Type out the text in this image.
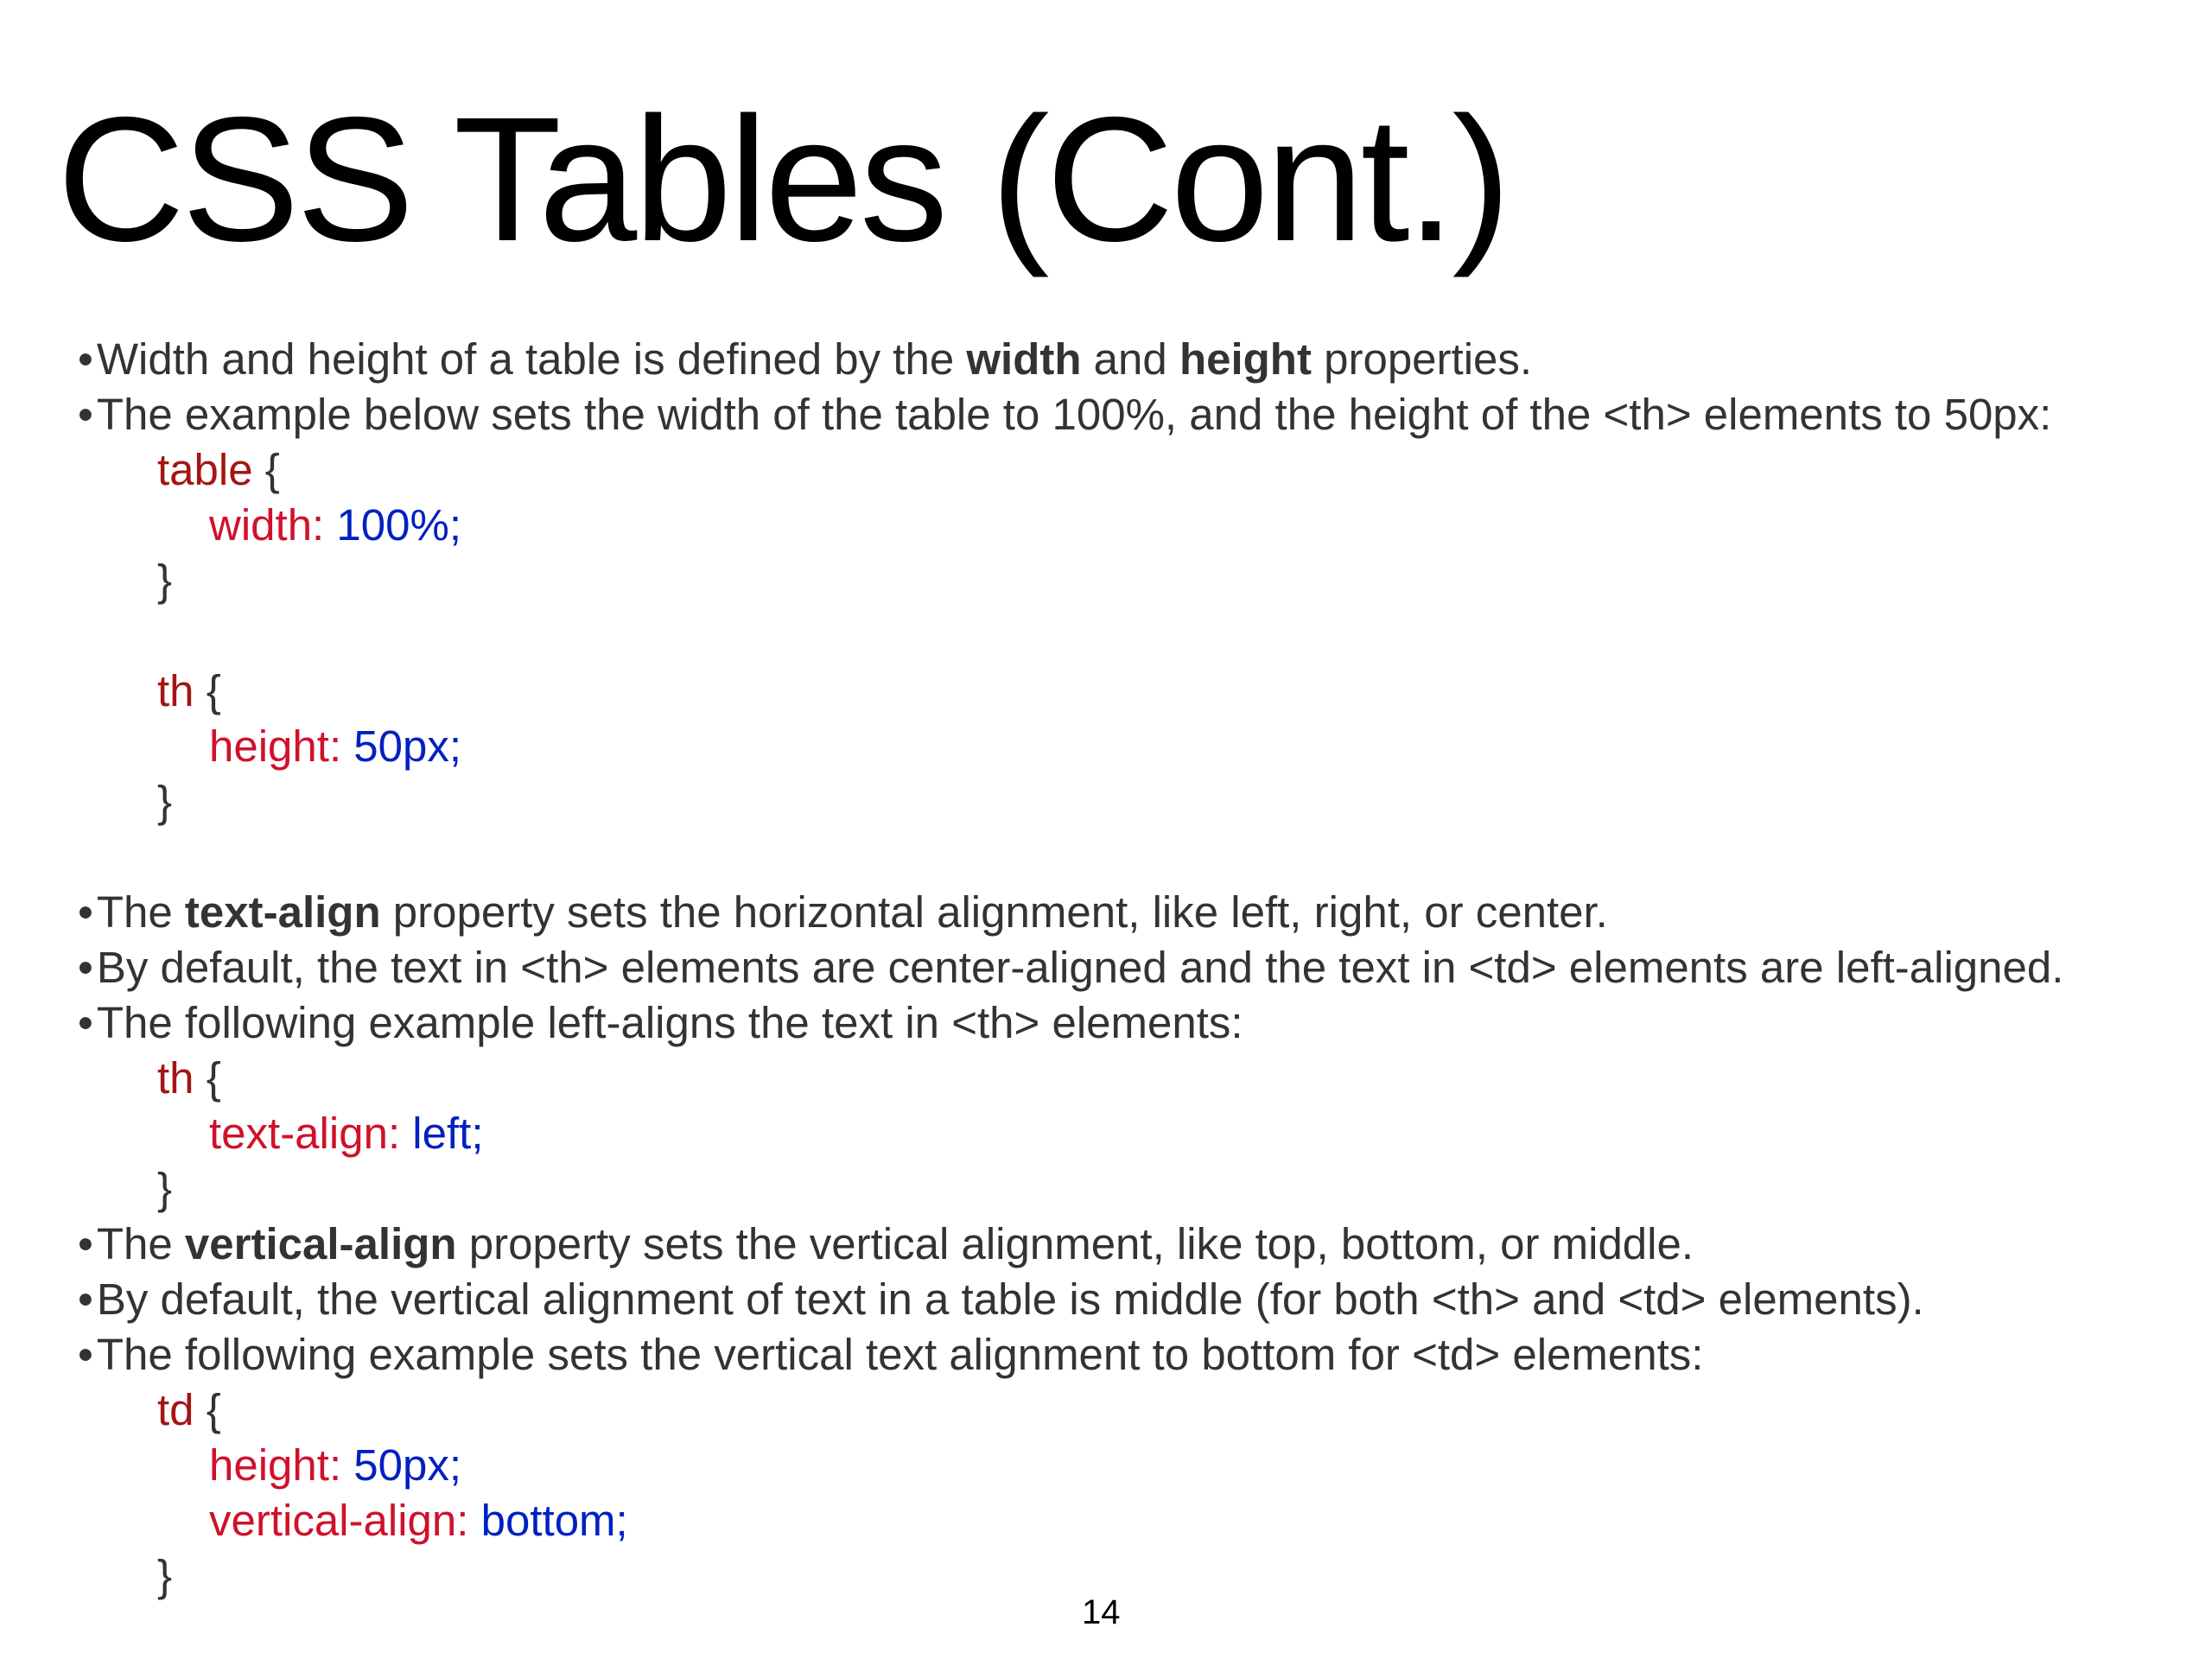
CSS Tables (Cont.)
• Width and height of a table is defined by the width and height properties.
• The example below sets the width of the table to 100%, and the height of the <th> elements to 50px:
table {
width: 100%;
}
th {
height: 50px;
}
• The text-align property sets the horizontal alignment, like left, right, or center.
• By default, the text in <th> elements are center-aligned and the text in <td> elements are left-aligned.
• The following example left-aligns the text in <th> elements:
th {
text-align: left;
}
• The vertical-align property sets the vertical alignment, like top, bottom, or middle.
• By default, the vertical alignment of text in a table is middle (for both <th> and <td> elements).
• The following example sets the vertical text alignment to bottom for <td> elements:
td {
height: 50px;
vertical-align: bottom;
}
14
